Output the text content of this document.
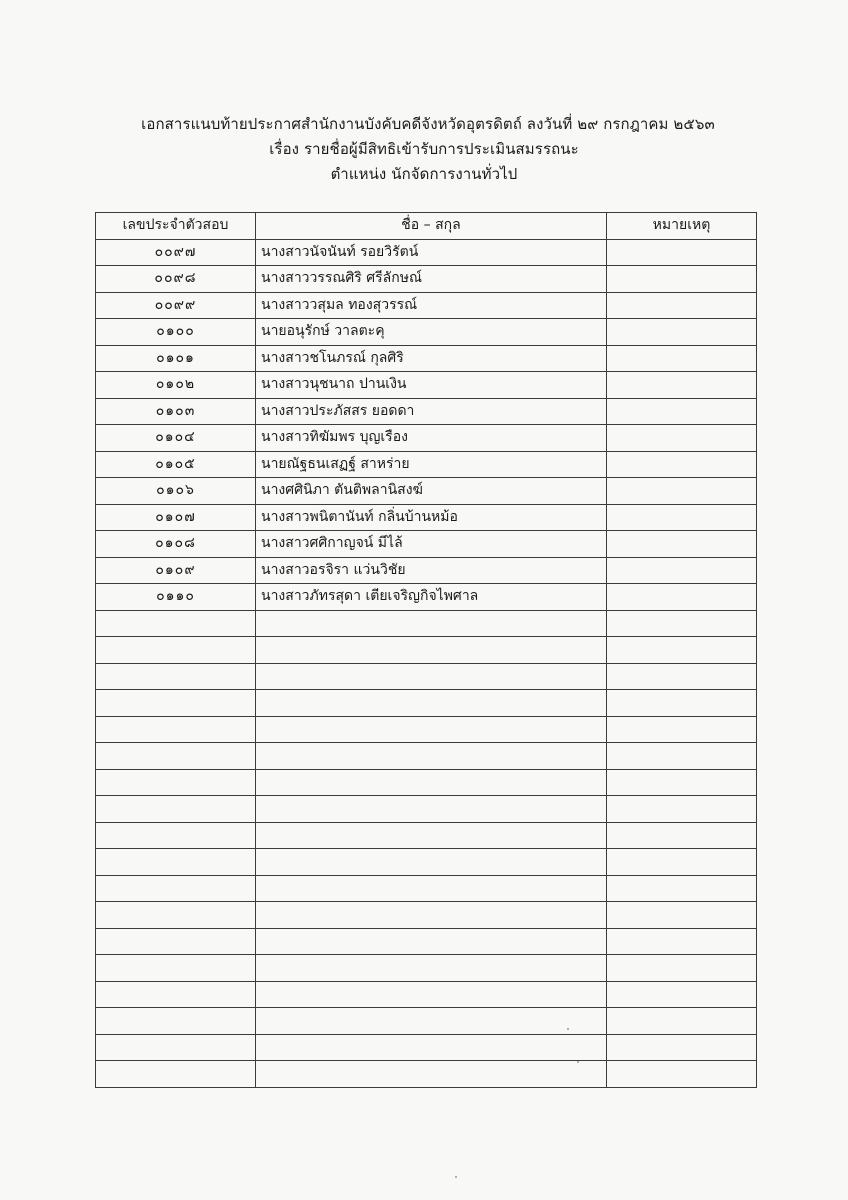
เอกสารแนบท้ายประกาศสำนักงานบังคับคดีจังหวัดอุตรดิตถ์ ลงวันที่ ๒๙ กรกฎาคม ๒๕๖๓
เรื่อง รายชื่อผู้มีสิทธิเข้ารับการประเมินสมรรถนะ
ตำแหน่ง นักจัดการงานทั่วไป
เลขประจำตัวสอบ	ชื่อ – สกุล	หมายเหตุ
๐๐๙๗	นางสาวนัจนันท์ รอยวิรัตน์	
๐๐๙๘	นางสาววรรณศิริ ศรีลักษณ์	
๐๐๙๙	นางสาววสุมล ทองสุวรรณ์	
๐๑๐๐	นายอนุรักษ์ วาลตะคุ	
๐๑๐๑	นางสาวชโนภรณ์ กุลศิริ	
๐๑๐๒	นางสาวนุชนาถ ปานเงิน	
๐๑๐๓	นางสาวประภัสสร ยอดดา	
๐๑๐๔	นางสาวทิฆัมพร บุญเรือง	
๐๑๐๕	นายณัฐธนเสฏฐ์ สาหร่าย	
๐๑๐๖	นางศศินิภา ตันติพลานิสงฆ์	
๐๑๐๗	นางสาวพนิตานันท์ กลิ่นบ้านหม้อ	
๐๑๐๘	นางสาวศศิกาญจน์ มีไล้	
๐๑๐๙	นางสาวอรจิรา แว่นวิชัย	
๐๑๑๐	นางสาวภัทรสุดา เตียเจริญกิจไพศาล	
